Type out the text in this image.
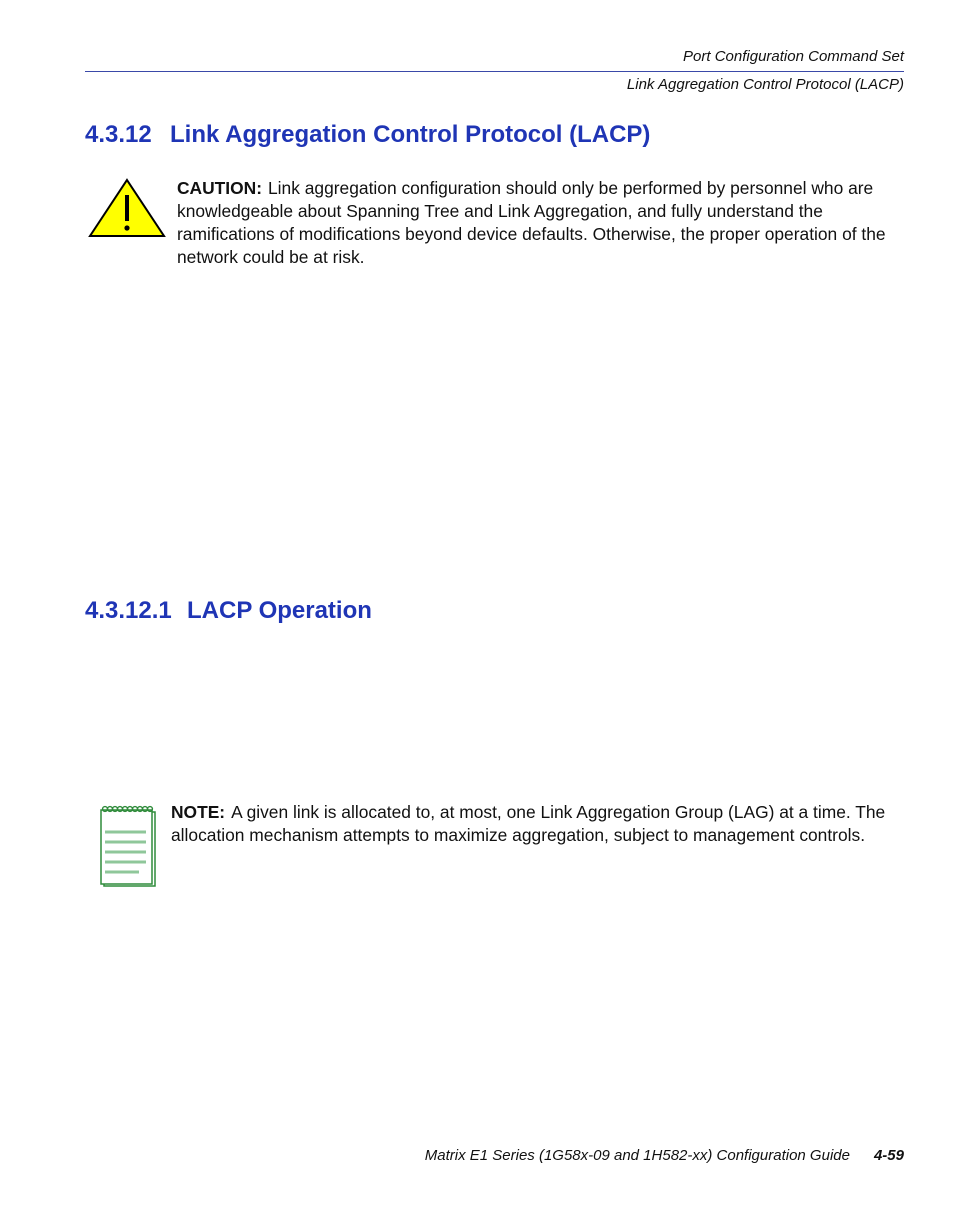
Port Configuration Command Set
Link Aggregation Control Protocol (LACP)
4.3.12 Link Aggregation Control Protocol (LACP)
CAUTION: Link aggregation configuration should only be performed by personnel who are knowledgeable about Spanning Tree and Link Aggregation, and fully understand the ramifications of modifications beyond device defaults. Otherwise, the proper operation of the network could be at risk.
4.3.12.1 LACP Operation
NOTE: A given link is allocated to, at most, one Link Aggregation Group (LAG) at a time. The allocation mechanism attempts to maximize aggregation, subject to management controls.
Matrix E1 Series (1G58x-09 and 1H582-xx) Configuration Guide 4-59
